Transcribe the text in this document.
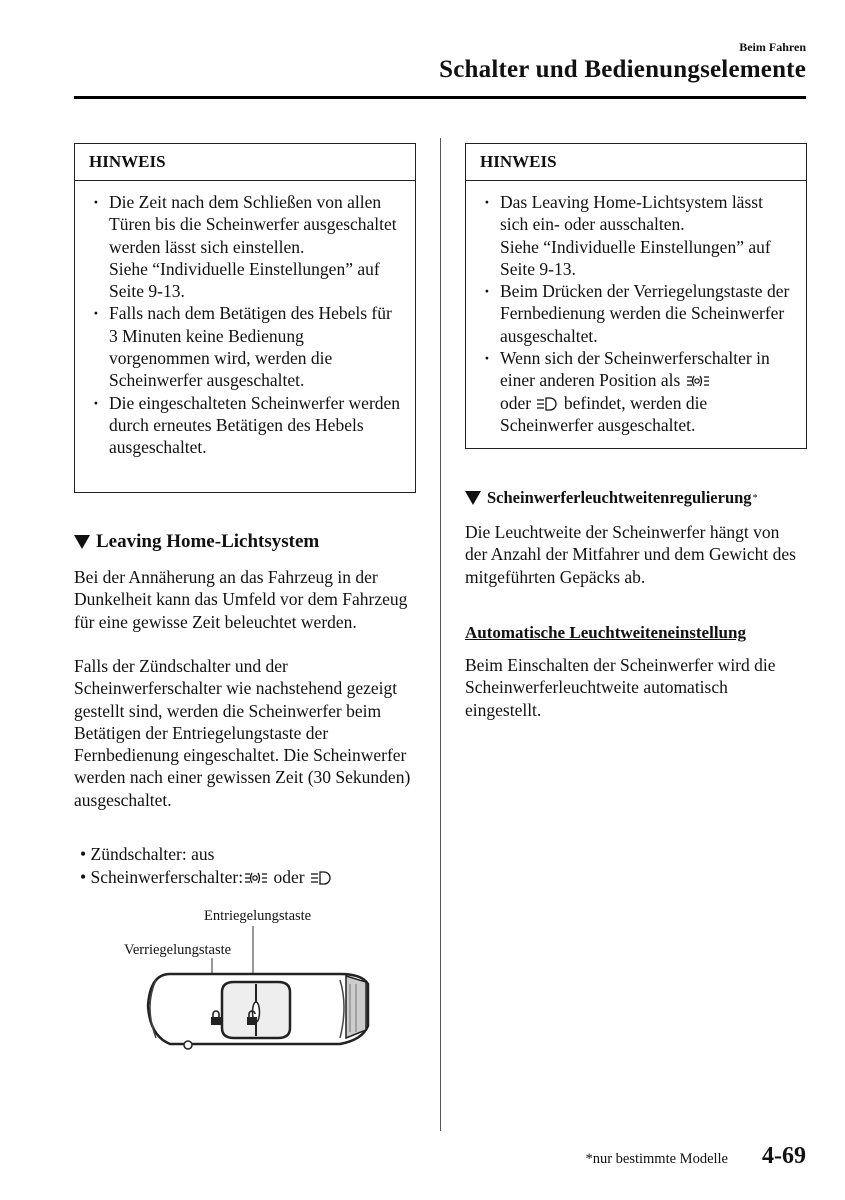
Beim Fahren
Schalter und Bedienungselemente
HINWEIS
· Die Zeit nach dem Schließen von allen Türen bis die Scheinwerfer ausgeschaltet werden lässt sich einstellen.
Siehe “Individuelle Einstellungen” auf Seite 9-13.
· Falls nach dem Betätigen des Hebels für 3 Minuten keine Bedienung vorgenommen wird, werden die Scheinwerfer ausgeschaltet.
· Die eingeschalteten Scheinwerfer werden durch erneutes Betätigen des Hebels ausgeschaltet.
Leaving Home-Lichtsystem
Bei der Annäherung an das Fahrzeug in der Dunkelheit kann das Umfeld vor dem Fahrzeug für eine gewisse Zeit beleuchtet werden.
Falls der Zündschalter und der Scheinwerferschalter wie nachstehend gezeigt gestellt sind, werden die Scheinwerfer beim Betätigen der Entriegelungstaste der Fernbedienung eingeschaltet. Die Scheinwerfer werden nach einer gewissen Zeit (30 Sekunden) ausgeschaltet.
• Zündschalter: aus
• Scheinwerferschalter: oder
Entriegelungstaste
Verriegelungstaste
HINWEIS
· Das Leaving Home-Lichtsystem lässt sich ein- oder ausschalten.
Siehe “Individuelle Einstellungen” auf Seite 9-13.
· Beim Drücken der Verriegelungstaste der Fernbedienung werden die Scheinwerfer ausgeschaltet.
· Wenn sich der Scheinwerferschalter in einer anderen Position als
oder befindet, werden die Scheinwerfer ausgeschaltet.
Scheinwerferleuchtweitenregulierung *
Die Leuchtweite der Scheinwerfer hängt von der Anzahl der Mitfahrer und dem Gewicht des mitgeführten Gepäcks ab.
Automatische Leuchtweiteneinstellung
Beim Einschalten der Scheinwerfer wird die Scheinwerferleuchtweite automatisch eingestellt.
*nur bestimmte Modelle 4-69
